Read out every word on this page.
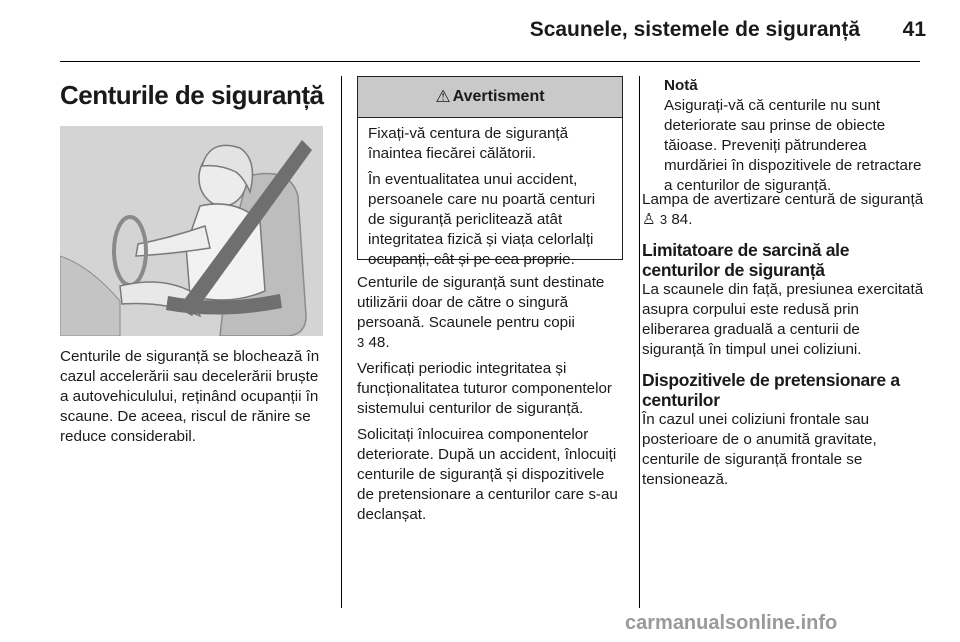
Scaunele, sistemele de siguranță	41
Centurile de siguranță

Centurile de siguranță se blochează în cazul accelerării sau decelerării bruște a autovehiculului, reținând ocupanții în scaune. De aceea, riscul de rănire se reduce considerabil.

⚠ Avertisment

Fixați-vă centura de siguranță înaintea fiecărei călătorii.

În eventualitatea unui accident, persoanele care nu poartă centuri de siguranță periclitează atât integritatea fizică și viața celorlalți ocupanți, cât și pe cea proprie.

Centurile de siguranță sunt destinate utilizării doar de către o singură persoană. Scaunele pentru copii
3 48.

Verificați periodic integritatea și funcționalitatea tuturor componentelor sistemului centurilor de siguranță.

Solicitați înlocuirea componentelor deteriorate. După un accident, înlocuiți centurile de siguranță și dispozitivele de pretensionare a centurilor care s-au declanșat.

Notă
Asigurați-vă că centurile nu sunt deteriorate sau prinse de obiecte tăioase. Preveniți pătrunderea murdăriei în dispozitivele de retractare a centurilor de siguranță.

Lampa de avertizare centură de siguranță ♙ 3 84.

Limitatoare de sarcină ale centurilor de siguranță

La scaunele din față, presiunea exercitată asupra corpului este redusă prin eliberarea graduală a centurii de siguranță în timpul unei coliziuni.

Dispozitivele de pretensionare a centurilor

În cazul unei coliziuni frontale sau posterioare de o anumită gravitate, centurile de siguranță frontale se tensionează.

carmanualsonline.info
